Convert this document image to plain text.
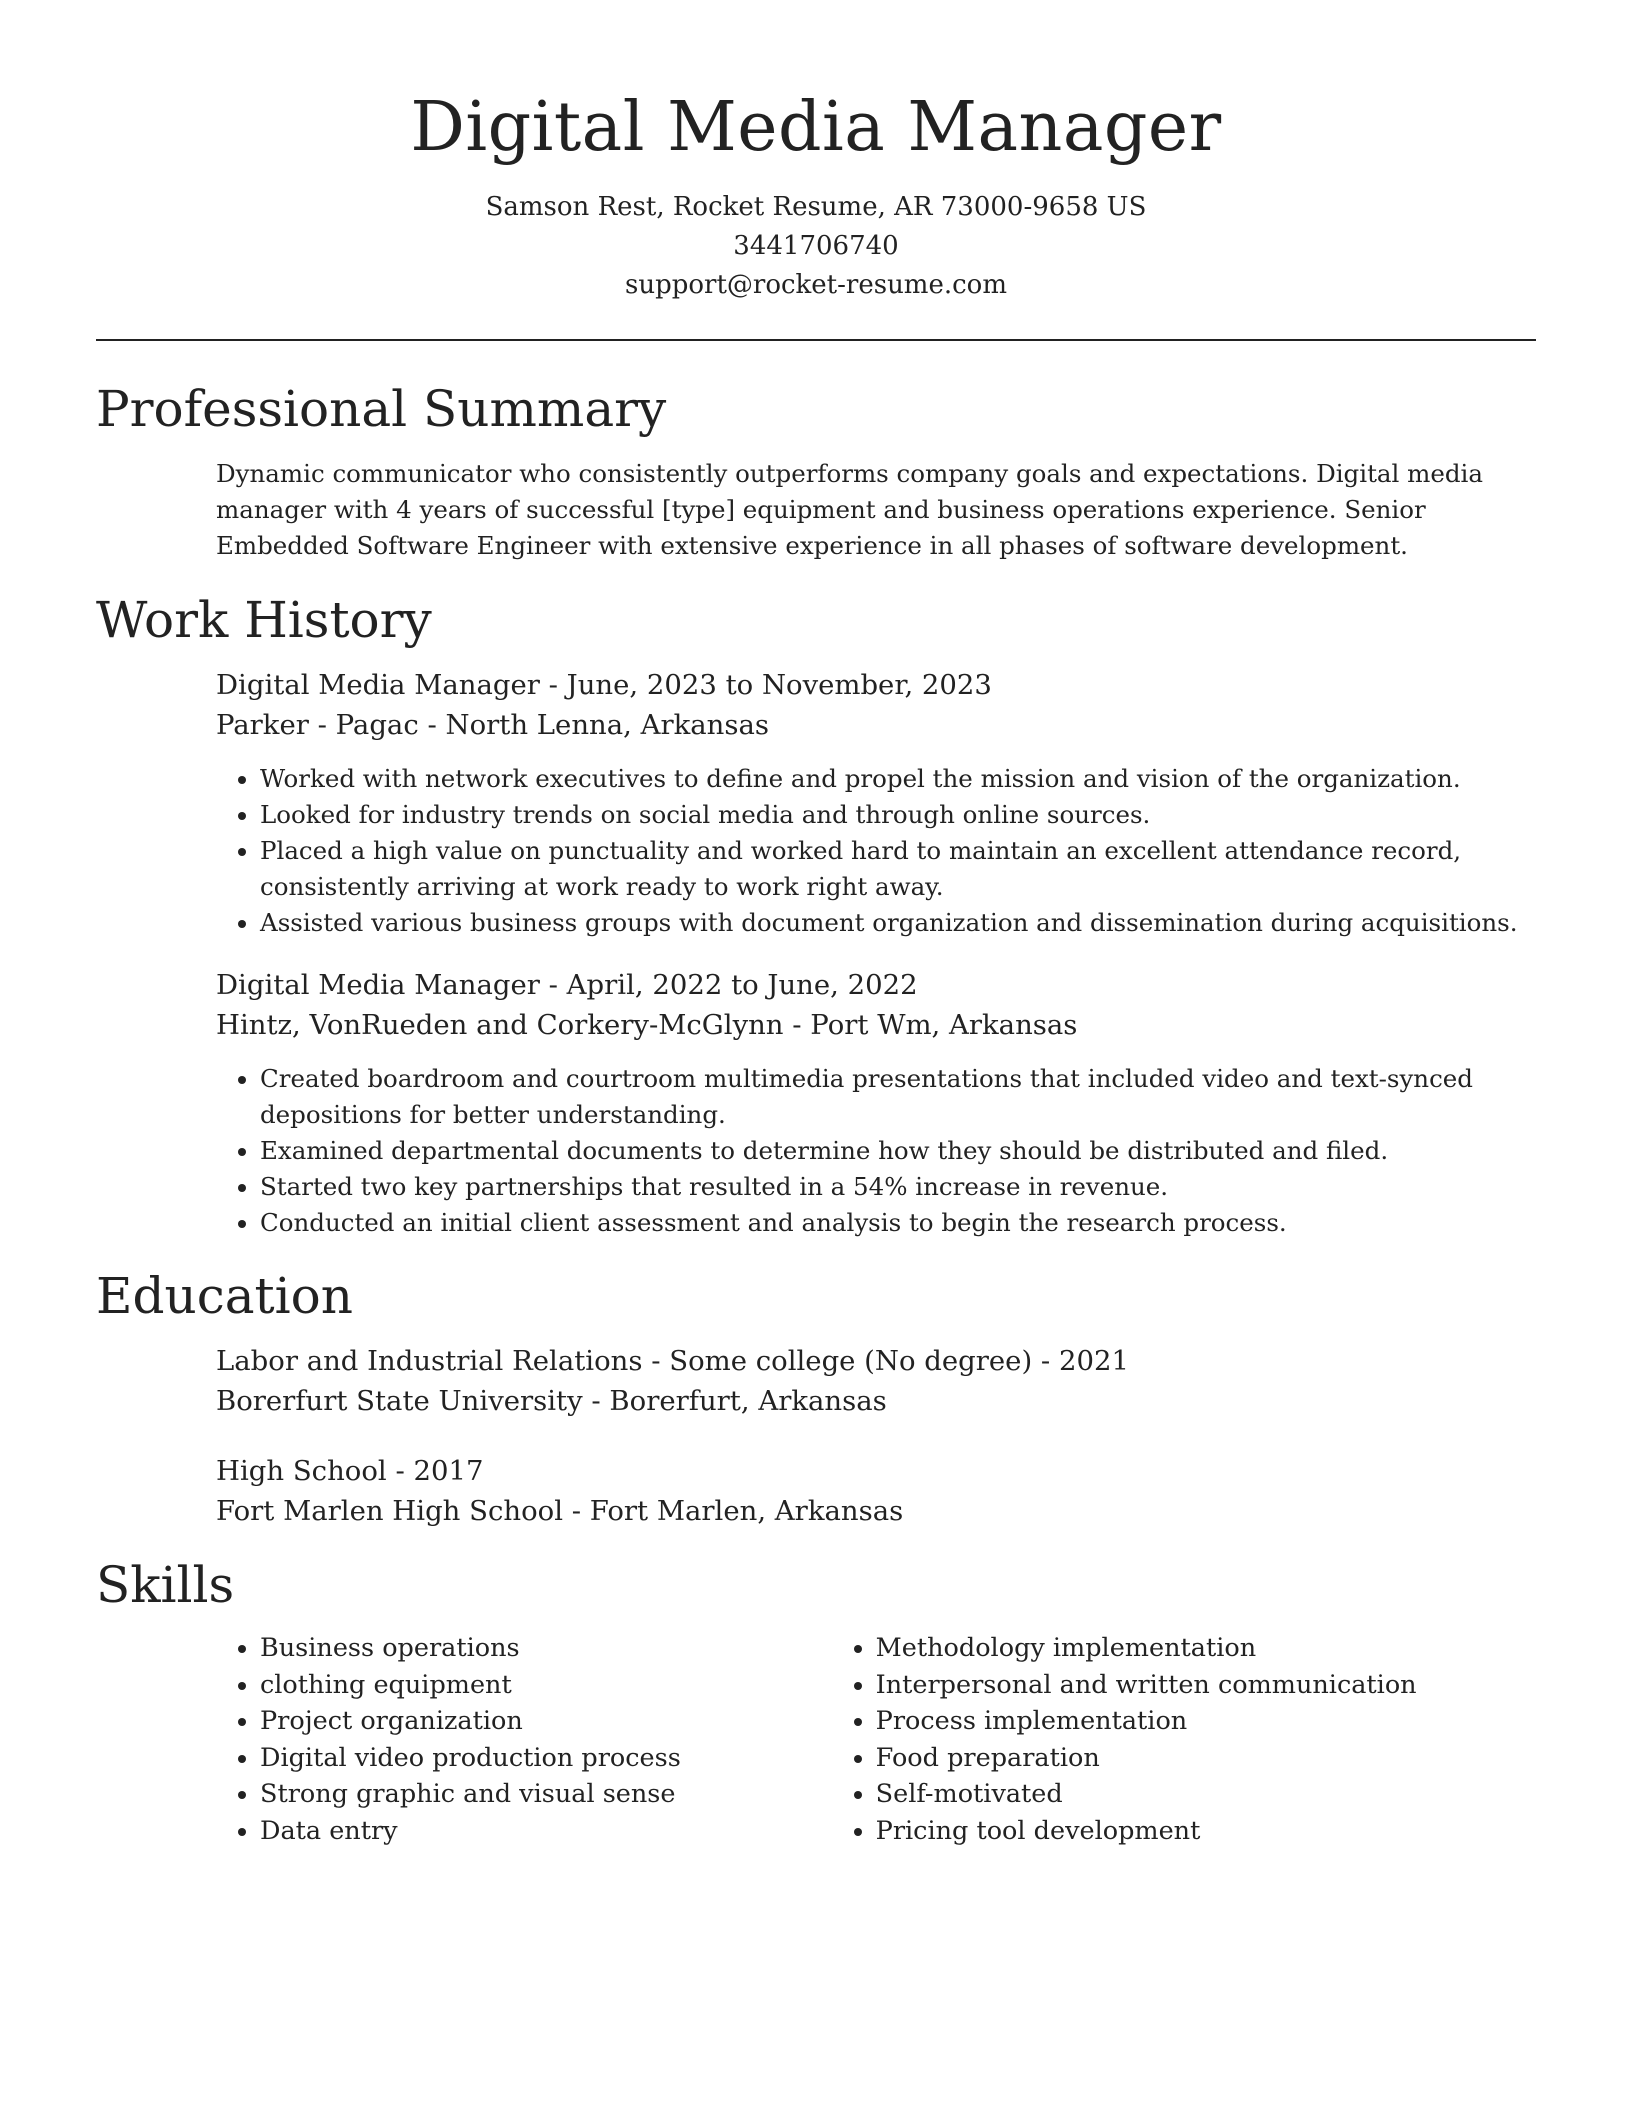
Digital Media Manager
Samson Rest, Rocket Resume, AR 73000-9658 US
3441706740
support@rocket-resume.com
Professional Summary

Dynamic communicator who consistently outperforms company goals and expectations. Digital media manager with 4 years of successful [type] equipment and business operations experience. Senior Embedded Software Engineer with extensive experience in all phases of software development.

Work History
Digital Media Manager - June, 2023 to November, 2023
Parker - Pagac - North Lenna, Arkansas
• Worked with network executives to define and propel the mission and vision of the organization.
• Looked for industry trends on social media and through online sources.
• Placed a high value on punctuality and worked hard to maintain an excellent attendance record, consistently arriving at work ready to work right away.
• Assisted various business groups with document organization and dissemination during acquisitions.
Digital Media Manager - April, 2022 to June, 2022
Hintz, VonRueden and Corkery-McGlynn - Port Wm, Arkansas
• Created boardroom and courtroom multimedia presentations that included video and text-synced depositions for better understanding.
• Examined departmental documents to determine how they should be distributed and filed.
• Started two key partnerships that resulted in a 54% increase in revenue.
• Conducted an initial client assessment and analysis to begin the research process.
Education
Labor and Industrial Relations - Some college (No degree) - 2021
Borerfurt State University - Borerfurt, Arkansas
High School - 2017
Fort Marlen High School - Fort Marlen, Arkansas
Skills
• Business operations
• clothing equipment
• Project organization
• Digital video production process
• Strong graphic and visual sense
• Data entry
• Methodology implementation
• Interpersonal and written communication
• Process implementation
• Food preparation
• Self-motivated
• Pricing tool development
